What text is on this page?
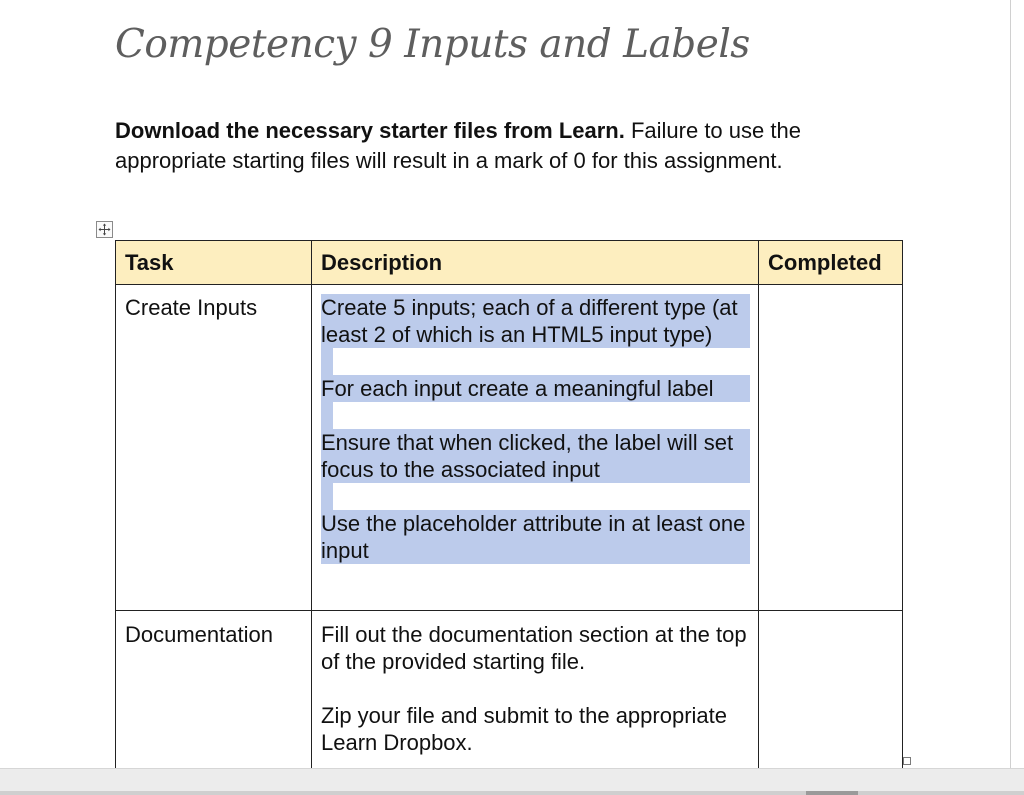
Competency 9 Inputs and Labels
Download the necessary starter files from Learn. Failure to use the appropriate starting files will result in a mark of 0 for this assignment.
Task	Description	Completed

Create Inputs	Create 5 inputs; each of a different type (at least 2 of which is an HTML5 input type)
For each input create a meaningful label
Ensure that when clicked, the label will set focus to the associated input
Use the placeholder attribute in at least one input	

Documentation	Fill out the documentation section at the top of the provided starting file.
Zip your file and submit to the appropriate Learn Dropbox.	
